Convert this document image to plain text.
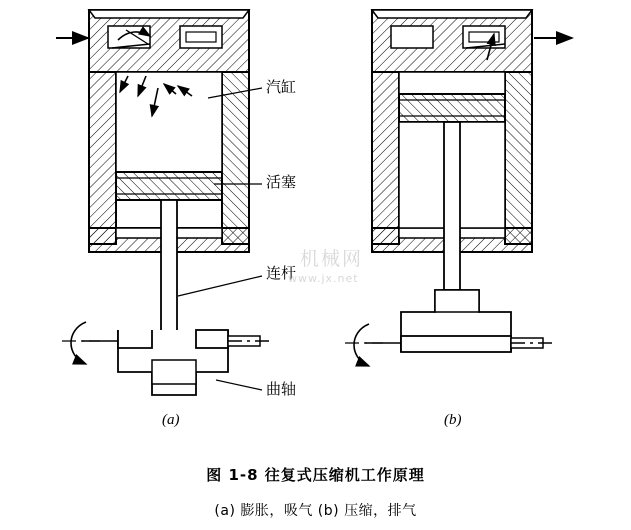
汽缸
活塞
连杆
曲轴
(a)	(b)
机械网
www.jx.net
图 1-8 往复式压缩机工作原理
(a) 膨胀，吸气 (b) 压缩，排气
